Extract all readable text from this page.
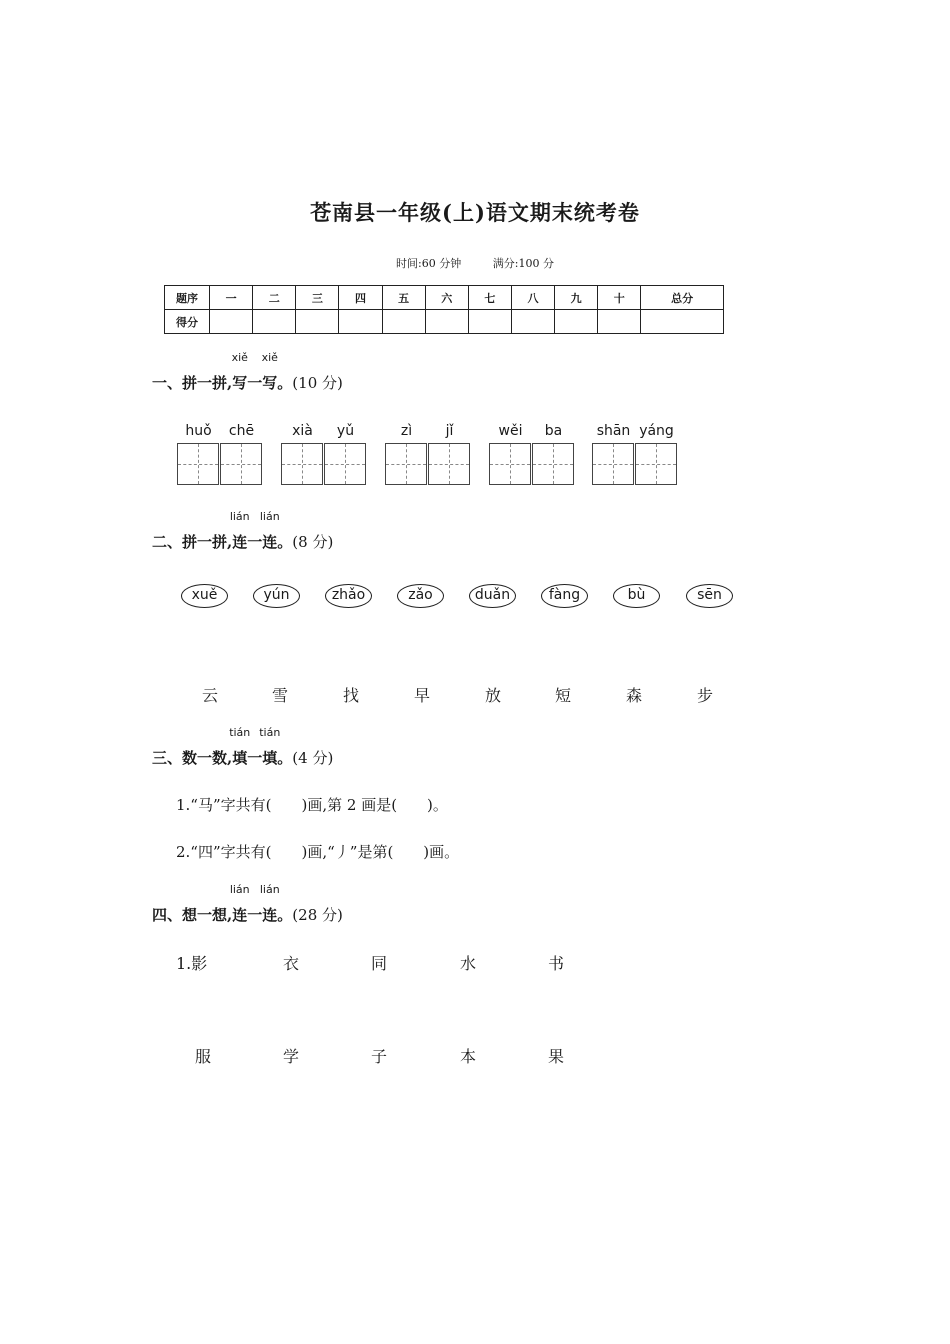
苍南县一年级(上)语文期末统考卷
时间:60 分钟	满分:100 分
题序	一	二	三	四	五	六	七	八	九	十	总分
得分											
一、拼一拼,
xiě
写一
xiě
写。(10 分)
huǒ chē	xià yǔ	zì jǐ	wěi ba	shān yáng
二、拼一拼,
lián
连一
lián
连。(8 分)
xuě	yún	zhǎo	zǎo	duǎn	fàng	bù	sēn
云	雪	找	早	放	短	森	步
三、数一数,
tián
填一
tián
填。(4 分)
1.“马”字共有(　　)画,第 2 画是(　　)。
2.“四”字共有(　　)画,“丿”是第(　　)画。
四、想一想,
lián
连一
lián
连。(28 分)
1.影	衣	同	水	书
服	学	子	本	果
